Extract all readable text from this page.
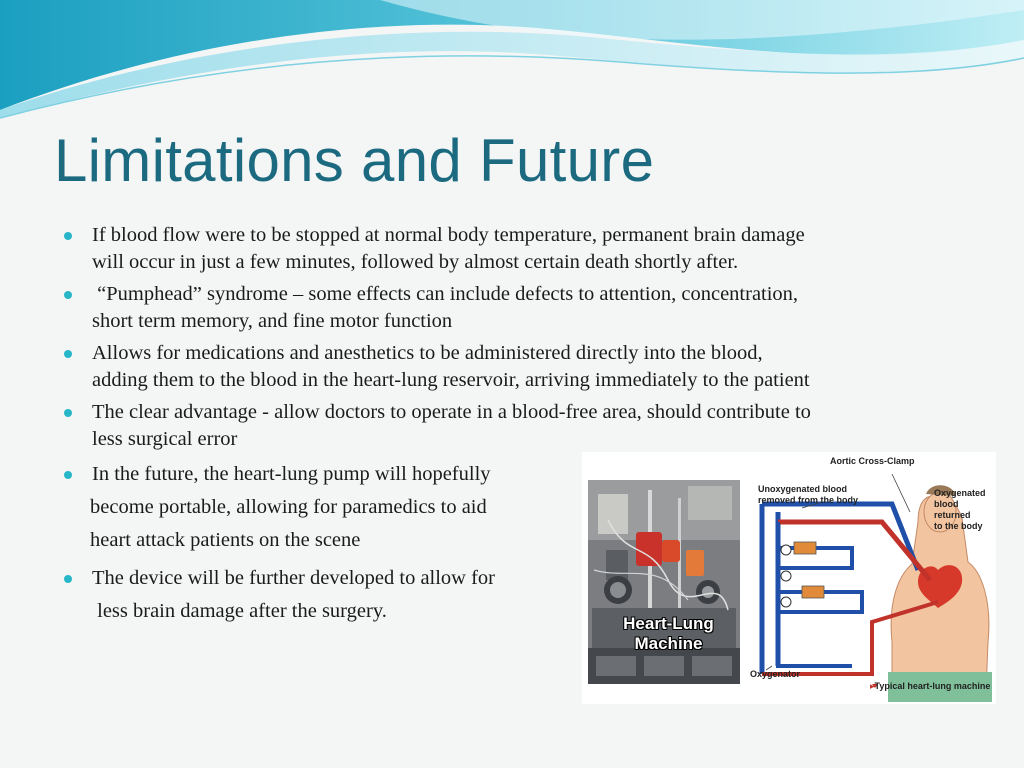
Limitations and Future
If blood flow were to be stopped at normal body temperature, permanent brain damage
will occur in just a few minutes, followed by almost certain death shortly after.
“Pumphead” syndrome – some effects can include defects to attention, concentration,
short term memory, and fine motor function
Allows for medications and anesthetics to be administered directly into the blood,
adding them to the blood in the heart-lung reservoir, arriving immediately to the patient
The clear advantage - allow doctors to operate in a blood-free area, should contribute to
less surgical error
In the future, the heart-lung pump will hopefully
become portable, allowing for paramedics to aid
heart attack patients on the scene
The device will be further developed to allow for
less brain damage after the surgery.
Heart-Lung
Machine
Aortic Cross-Clamp
Unoxygenated blood
removed from the body
Oxygenated
blood returned
to the body
Oxygenator
▸Typical heart-lung machine
